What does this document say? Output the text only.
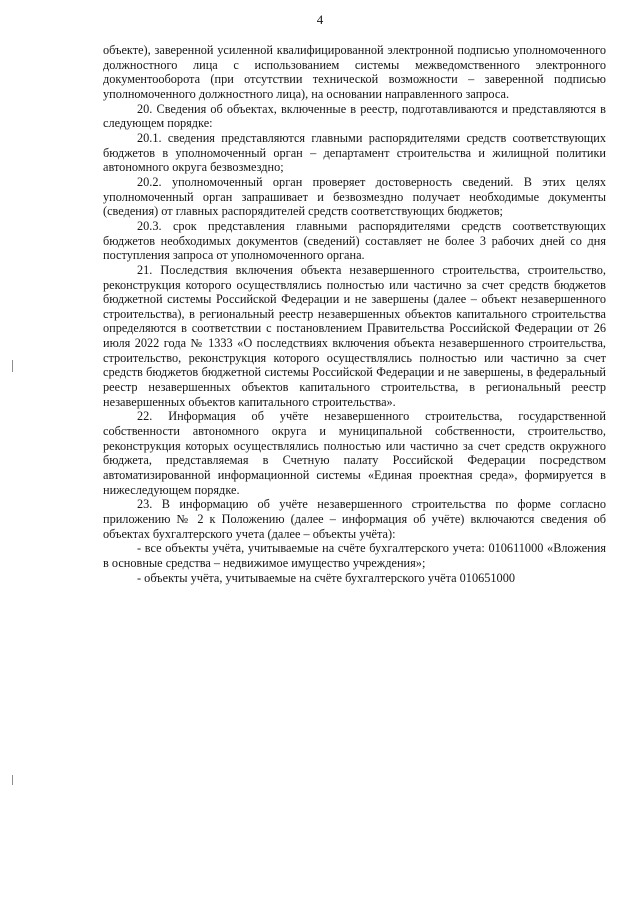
4

объекте), заверенной усиленной квалифицированной электронной подписью уполномоченного должностного лица с использованием системы межведомственного электронного документооборота (при отсутствии технической возможности – заверенной подписью уполномоченного должностного лица), на основании направленного запроса.

20. Сведения об объектах, включенные в реестр, подготавливаются и представляются в следующем порядке:

20.1. сведения представляются главными распорядителями средств соответствующих бюджетов в уполномоченный орган – департамент строительства и жилищной политики автономного округа безвозмездно;

20.2. уполномоченный орган проверяет достоверность сведений. В этих целях уполномоченный орган запрашивает и безвозмездно получает необходимые документы (сведения) от главных распорядителей средств соответствующих бюджетов;

20.3. срок представления главными распорядителями средств соответствующих бюджетов необходимых документов (сведений) составляет не более 3 рабочих дней со дня поступления запроса от уполномоченного органа.

21. Последствия включения объекта незавершенного строительства, строительство, реконструкция которого осуществлялись полностью или частично за счет средств бюджетов бюджетной системы Российской Федерации и не завершены (далее – объект незавершенного строительства), в региональный реестр незавершенных объектов капитального строительства определяются в соответствии с постановлением Правительства Российской Федерации от 26 июля 2022 года № 1333 «О последствиях включения объекта незавершенного строительства, строительство, реконструкция которого осуществлялись полностью или частично за счет средств бюджетов бюджетной системы Российской Федерации и не завершены, в федеральный реестр незавершенных объектов капитального строительства, в региональный реестр незавершенных объектов капитального строительства».

22. Информация об учёте незавершенного строительства, государственной собственности автономного округа и муниципальной собственности, строительство, реконструкция которых осуществлялись полностью или частично за счет средств окружного бюджета, представляемая в Счетную палату Российской Федерации посредством автоматизированной информационной системы «Единая проектная среда», формируется в нижеследующем порядке.

23. В информацию об учёте незавершенного строительства по форме согласно приложению № 2 к Положению (далее – информация об учёте) включаются сведения об объектах бухгалтерского учета (далее – объекты учёта):

- все объекты учёта, учитываемые на счёте бухгалтерского учета: 010611000 «Вложения в основные средства – недвижимое имущество учреждения»;

- объекты учёта, учитываемые на счёте бухгалтерского учёта 010651000
